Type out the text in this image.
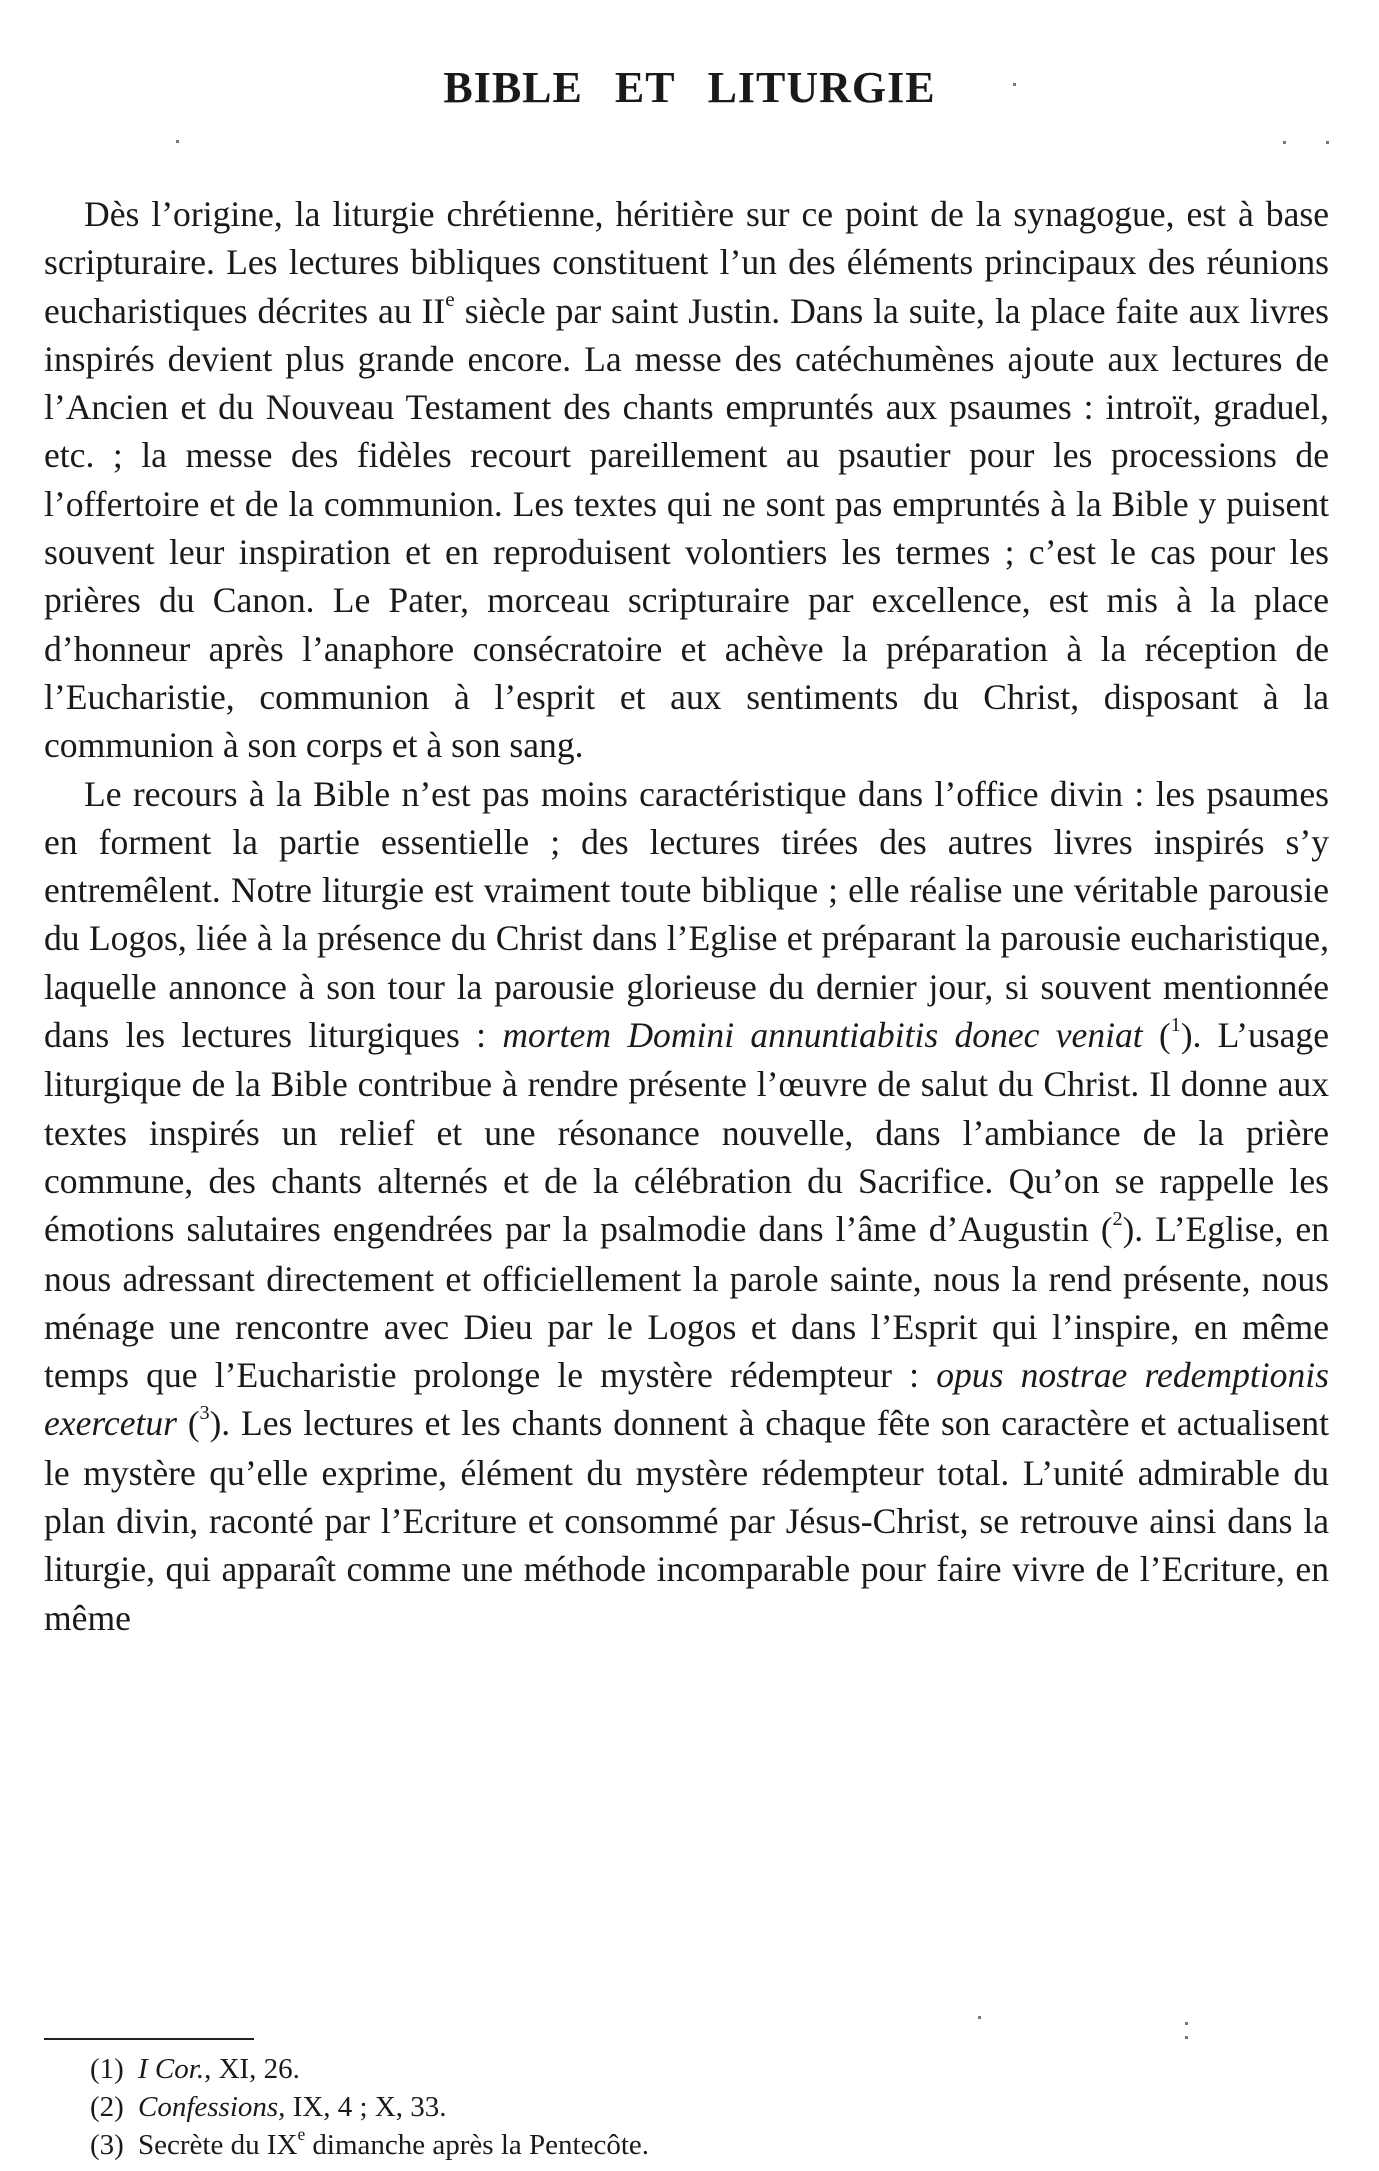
BIBLE ET LITURGIE

Dès l’origine, la liturgie chrétienne, héritière sur ce point de la synagogue, est à base scripturaire. Les lectures bibliques constituent l’un des éléments principaux des réunions eucharistiques décrites au IIe siècle par saint Justin. Dans la suite, la place faite aux livres inspirés devient plus grande encore. La messe des catéchumènes ajoute aux lectures de l’Ancien et du Nouveau Testament des chants empruntés aux psaumes : introït, graduel, etc. ; la messe des fidèles recourt pareillement au psautier pour les processions de l’offertoire et de la communion. Les textes qui ne sont pas empruntés à la Bible y puisent souvent leur inspiration et en reproduisent volontiers les termes ; c’est le cas pour les prières du Canon. Le Pater, morceau scripturaire par excellence, est mis à la place d’honneur après l’anaphore consécratoire et achève la préparation à la réception de l’Eucharistie, communion à l’esprit et aux sentiments du Christ, disposant à la communion à son corps et à son sang.

Le recours à la Bible n’est pas moins caractéristique dans l’office divin : les psaumes en forment la partie essentielle ; des lectures tirées des autres livres inspirés s’y entremêlent. Notre liturgie est vraiment toute biblique ; elle réalise une véritable parousie du Logos, liée à la présence du Christ dans l’Eglise et préparant la parousie eucharistique, laquelle annonce à son tour la parousie glorieuse du dernier jour, si souvent mentionnée dans les lectures liturgiques : mortem Domini annuntiabitis donec veniat ($^1$). L’usage liturgique de la Bible contribue à rendre présente l’œuvre de salut du Christ. Il donne aux textes inspirés un relief et une résonance nouvelle, dans l’ambiance de la prière commune, des chants alternés et de la célébration du Sacrifice. Qu’on se rappelle les émotions salutaires engendrées par la psalmodie dans l’âme d’Augustin ($^2$). L’Eglise, en nous adressant directement et officiellement la parole sainte, nous la rend présente, nous ménage une rencontre avec Dieu par le Logos et dans l’Esprit qui l’inspire, en même temps que l’Eucharistie prolonge le mystère rédempteur : opus nostrae redemptionis exercetur ($^3$). Les lectures et les chants donnent à chaque fête son caractère et actualisent le mystère qu’elle exprime, élément du mystère rédempteur total. L’unité admirable du plan divin, raconté par l’Ecriture et consommé par Jésus-Christ, se retrouve ainsi dans la liturgie, qui apparaît comme une méthode incomparable pour faire vivre de l’Ecriture, en même

(1) I Cor., XI, 26.
(2) Confessions, IX, 4 ; X, 33.
(3) Secrète du IXe dimanche après la Pentecôte.
